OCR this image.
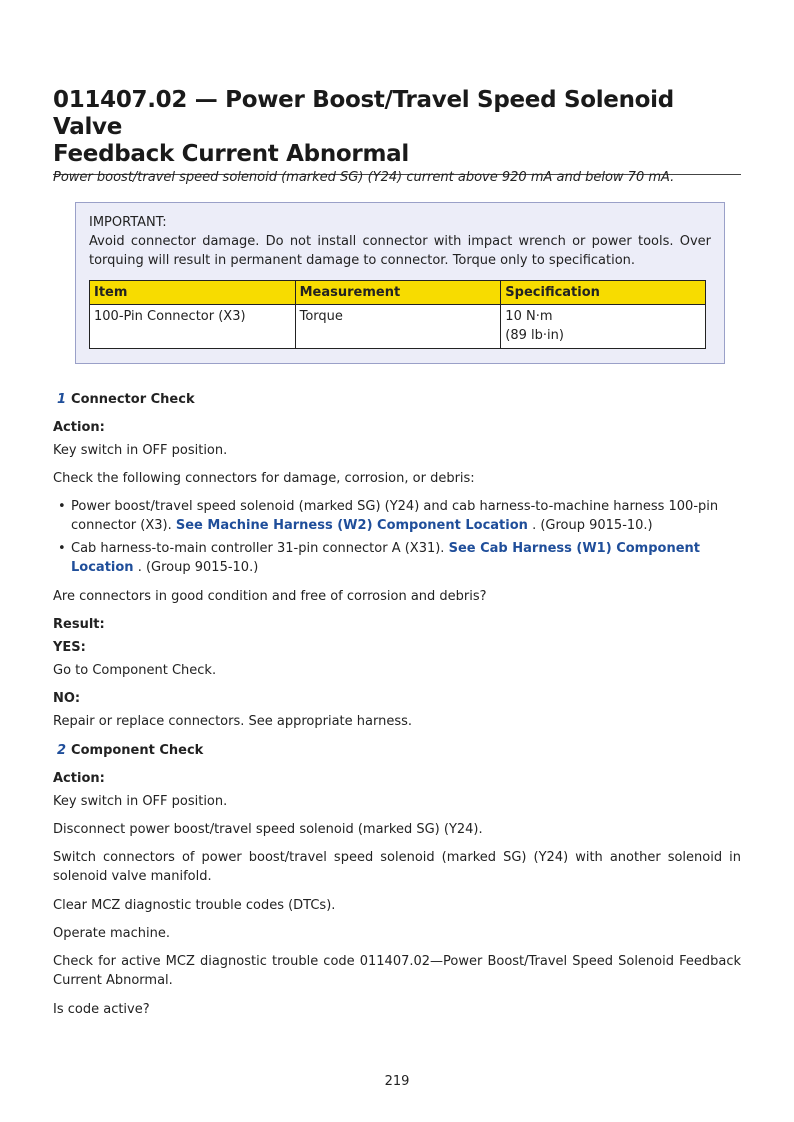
011407.02 — Power Boost/Travel Speed Solenoid Valve
Feedback Current Abnormal

Power boost/travel speed solenoid (marked SG) (Y24) current above 920 mA and below 70 mA.

IMPORTANT:

Avoid connector damage. Do not install connector with impact wrench or power tools. Over torquing will result in permanent damage to connector. Torque only to specification.

Item	Measurement	Specification
100-Pin Connector (X3)	Torque	10 N·m
(89 lb·in)
1 Connector Check

Action:

Key switch in OFF position.

Check the following connectors for damage, corrosion, or debris:

• Power boost/travel speed solenoid (marked SG) (Y24) and cab harness-to-machine harness 100-pin connector (X3). See Machine Harness (W2) Component Location . (Group 9015-10.)
• Cab harness-to-main controller 31-pin connector A (X31). See Cab Harness (W1) Component Location . (Group 9015-10.)

Are connectors in good condition and free of corrosion and debris?

Result:

YES:

Go to Component Check.

NO:

Repair or replace connectors. See appropriate harness.

2 Component Check

Action:

Key switch in OFF position.

Disconnect power boost/travel speed solenoid (marked SG) (Y24).

Switch connectors of power boost/travel speed solenoid (marked SG) (Y24) with another solenoid in solenoid valve manifold.

Clear MCZ diagnostic trouble codes (DTCs).

Operate machine.

Check for active MCZ diagnostic trouble code 011407.02—Power Boost/Travel Speed Solenoid Feedback Current Abnormal.

Is code active?

219
